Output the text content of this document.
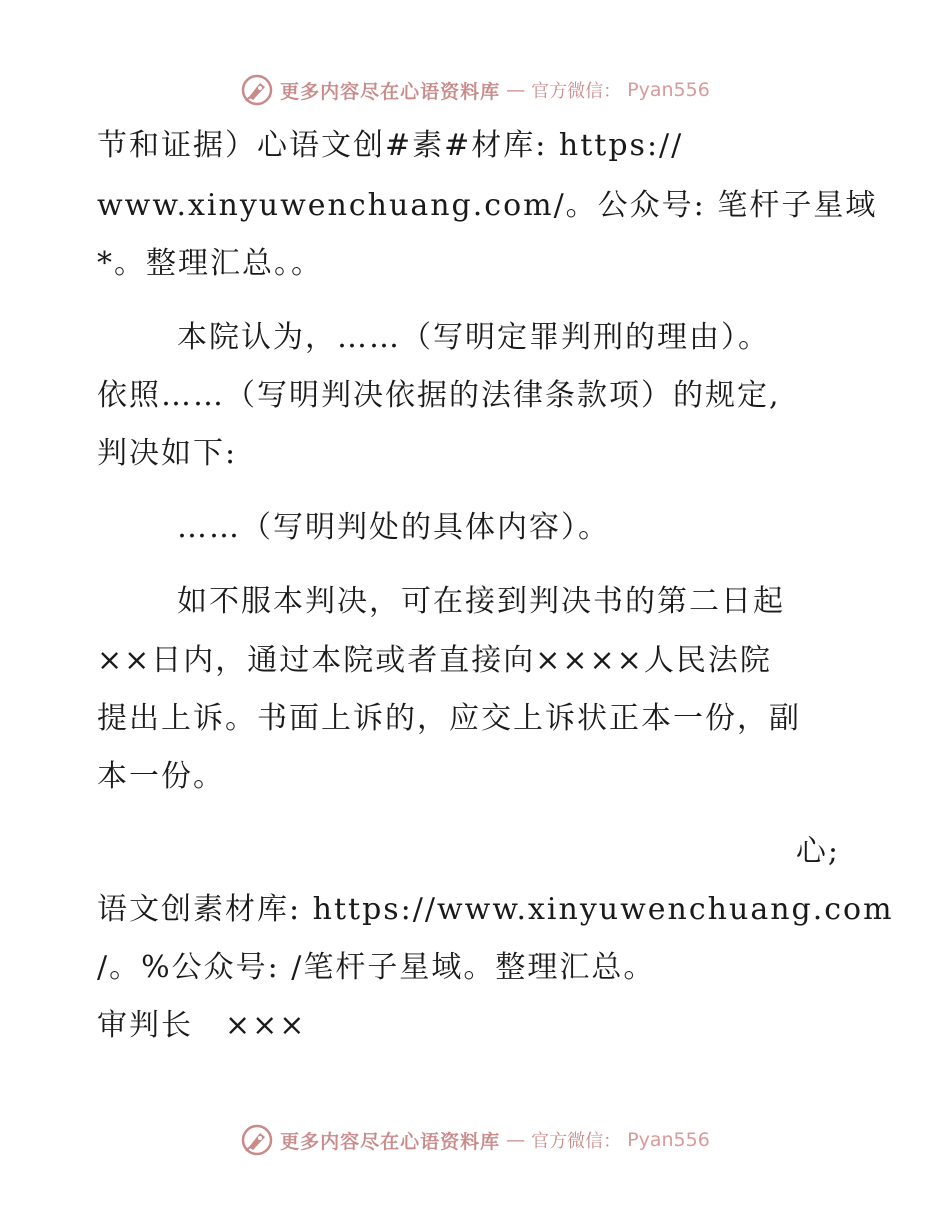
更多内容尽在心语资料库 — 官方微信： Pyan556
节和证据）心语文创#素#材库: https://
www.xinyuwenchuang.com/。公众号: 笔杆子星域
*。整理汇总。。
本院认为，……（写明定罪判刑的理由）。
依照……（写明判决依据的法律条款项）的规定,
判决如下:
……（写明判处的具体内容）。
如不服本判决，可在接到判决书的第二日起
××日内，通过本院或者直接向××××人民法院
提出上诉。书面上诉的，应交上诉状正本一份，副
本一份。
心;
语文创素材库: https://www.xinyuwenchuang.com
/。%公众号: /笔杆子星域。整理汇总。
审判长　×××
更多内容尽在心语资料库 — 官方微信： Pyan556
